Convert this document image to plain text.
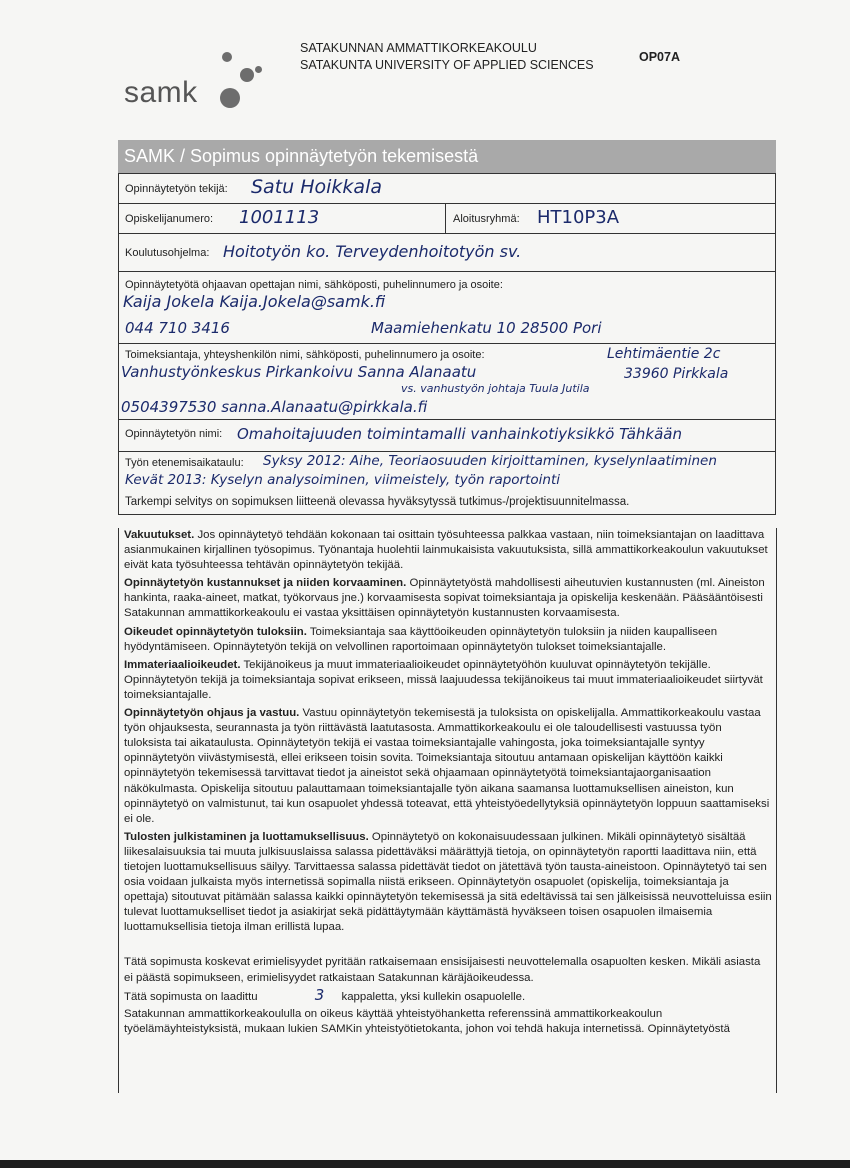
samk
SATAKUNNAN AMMATTIKORKEAKOULU
SATAKUNTA UNIVERSITY OF APPLIED SCIENCES
OP07A
SAMK / Sopimus opinnäytetyön tekemisestä
Opinnäytetyön tekijä: Satu Hoikkala
Opiskelijanumero: 1001113	Aloitusryhmä: HT10P3A
Koulutusohjelma: Hoitotyön ko. Terveydenhoitotyön sv.
Opinnäytetyötä ohjaavan opettajan nimi, sähköposti, puhelinnumero ja osoite:
Kaija Jokela Kaija.Jokela@samk.fi
044 710 3416	Maamiehenkatu 10 28500 Pori
Toimeksiantaja, yhteyshenkilön nimi, sähköposti, puhelinnumero ja osoite:	Lehtimäentie 2c
Vanhustyönkeskus Pirkankoivu Sanna Alanaatu	33960 Pirkkala
vs. vanhustyön johtaja Tuula Jutila
0504397530 sanna.Alanaatu@pirkkala.fi
Opinnäytetyön nimi: Omahoitajuuden toimintamalli vanhainkotiyksikkö Tähkään
Työn etenemisaikataulu: Syksy 2012: Aihe, Teoriaosuuden kirjoittaminen, kyselynlaatiminen
Kevät 2013: Kyselyn analysoiminen, viimeistely, työn raportointi
Tarkempi selvitys on sopimuksen liitteenä olevassa hyväksytyssä tutkimus-/projektisuunnitelmassa.

Vakuutukset. Jos opinnäytetyö tehdään kokonaan tai osittain työsuhteessa palkkaa vastaan, niin toimeksiantajan on laadittava asianmukainen kirjallinen työsopimus. Työnantaja huolehtii lainmukaisista vakuutuksista, sillä ammattikorkeakoulun vakuutukset eivät kata työsuhteessa tehtävän opinnäytetyön tekijää.

Opinnäytetyön kustannukset ja niiden korvaaminen. Opinnäytetyöstä mahdollisesti aiheutuvien kustannusten (ml. Aineiston hankinta, raaka-aineet, matkat, työkorvaus jne.) korvaamisesta sopivat toimeksiantaja ja opiskelija keskenään. Pääsääntöisesti Satakunnan ammattikorkeakoulu ei vastaa yksittäisen opinnäytetyön kustannusten korvaamisesta.

Oikeudet opinnäytetyön tuloksiin. Toimeksiantaja saa käyttöoikeuden opinnäytetyön tuloksiin ja niiden kaupalliseen hyödyntämiseen. Opinnäytetyön tekijä on velvollinen raportoimaan opinnäytetyön tulokset toimeksiantajalle.

Immateriaalioikeudet. Tekijänoikeus ja muut immateriaalioikeudet opinnäytetyöhön kuuluvat opinnäytetyön tekijälle. Opinnäytetyön tekijä ja toimeksiantaja sopivat erikseen, missä laajuudessa tekijänoikeus tai muut immateriaalioikeudet siirtyvät toimeksiantajalle.

Opinnäytetyön ohjaus ja vastuu. Vastuu opinnäytetyön tekemisestä ja tuloksista on opiskelijalla. Ammattikorkeakoulu vastaa työn ohjauksesta, seurannasta ja työn riittävästä laatutasosta. Ammattikorkeakoulu ei ole taloudellisesti vastuussa työn tuloksista tai aikataulusta. Opinnäytetyön tekijä ei vastaa toimeksiantajalle vahingosta, joka toimeksiantajalle syntyy opinnäytetyön viivästymisestä, ellei erikseen toisin sovita. Toimeksiantaja sitoutuu antamaan opiskelijan käyttöön kaikki opinnäytetyön tekemisessä tarvittavat tiedot ja aineistot sekä ohjaamaan opinnäytetyötä toimeksiantajaorganisaation näkökulmasta. Opiskelija sitoutuu palauttamaan toimeksiantajalle työn aikana saamansa luottamuksellisen aineiston, kun opinnäytetyö on valmistunut, tai kun osapuolet yhdessä toteavat, että yhteistyöedellytyksiä opinnäytetyön loppuun saattamiseksi ei ole.

Tulosten julkistaminen ja luottamuksellisuus. Opinnäytetyö on kokonaisuudessaan julkinen. Mikäli opinnäytetyö sisältää liikesalaisuuksia tai muuta julkisuuslaissa salassa pidettäväksi määrättyjä tietoja, on opinnäytetyön raportti laadittava niin, että tietojen luottamuksellisuus säilyy. Tarvittaessa salassa pidettävät tiedot on jätettävä työn tausta-aineistoon. Opinnäytetyö tai sen osia voidaan julkaista myös internetissä sopimalla niistä erikseen. Opinnäytetyön osapuolet (opiskelija, toimeksiantaja ja opettaja) sitoutuvat pitämään salassa kaikki opinnäytetyön tekemisessä ja sitä edeltävissä tai sen jälkeisissä neuvotteluissa esiin tulevat luottamukselliset tiedot ja asiakirjat sekä pidättäytymään käyttämästä hyväkseen toisen osapuolen ilmaisemia luottamuksellisia tietoja ilman erillistä lupaa.

Tätä sopimusta koskevat erimielisyydet pyritään ratkaisemaan ensisijaisesti neuvottelemalla osapuolten kesken. Mikäli asiasta ei päästä sopimukseen, erimielisyydet ratkaistaan Satakunnan käräjäoikeudessa.

Tätä sopimusta on laadittu	3 kappaletta, yksi kullekin osapuolelle.

Satakunnan ammattikorkeakoululla on oikeus käyttää yhteistyöhanketta referenssinä ammattikorkeakoulun työelämäyhteistyksistä, mukaan lukien SAMKin yhteistyötietokanta, johon voi tehdä hakuja internetissä. Opinnäytetyöstä
